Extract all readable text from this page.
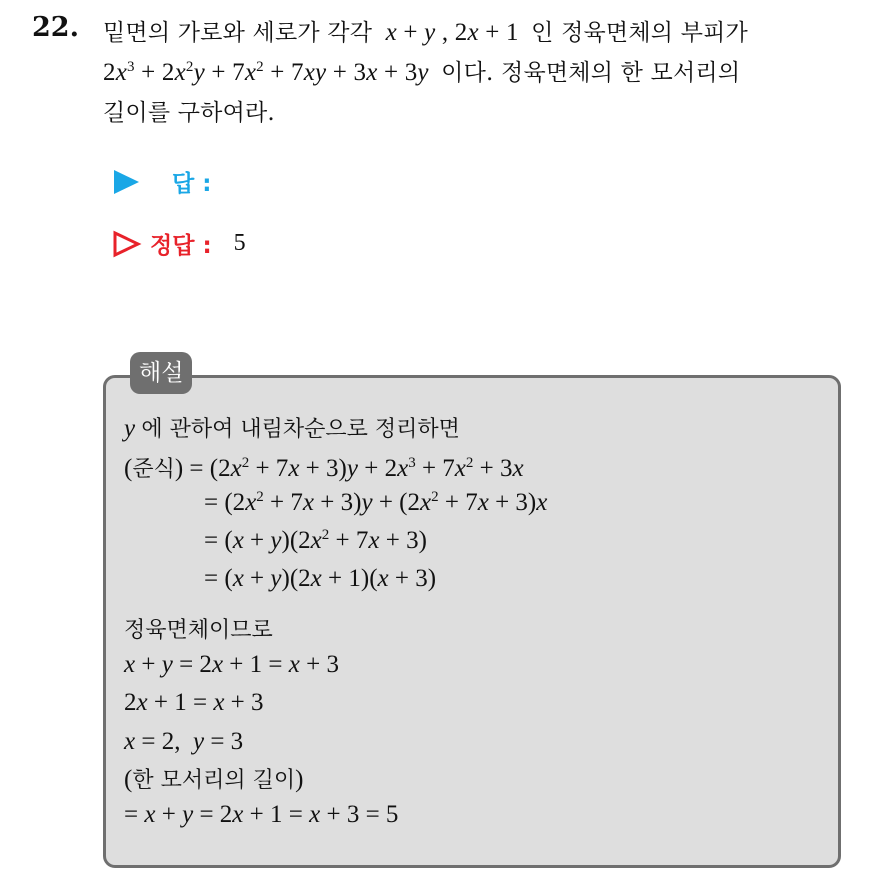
22. 밑면의 가로와 세로가 각각 x + y , 2x + 1 인 정육면체의 부피가
$2x^3 + 2x^2y + 7x^2 + 7xy + 3x + 3y$ 이다. 정육면체의 한 모서리의
길이를 구하여라.
답 :
정답 : 5
해설
y 에 관하여 내림차순으로 정리하면
(준식) = $(2x^2 + 7x + 3)y + 2x^3 + 7x^2 + 3x$
= $(2x^2 + 7x + 3)y + (2x^2 + 7x + 3)x$
= $(x + y)(2x^2 + 7x + 3)$
= (x + y)(2x + 1)(x + 3)
정육면체이므로
x + y = 2x + 1 = x + 3
2x + 1 = x + 3
x = 2,  y = 3
(한 모서리의 길이)
= x + y = 2x + 1 = x + 3 = 5
